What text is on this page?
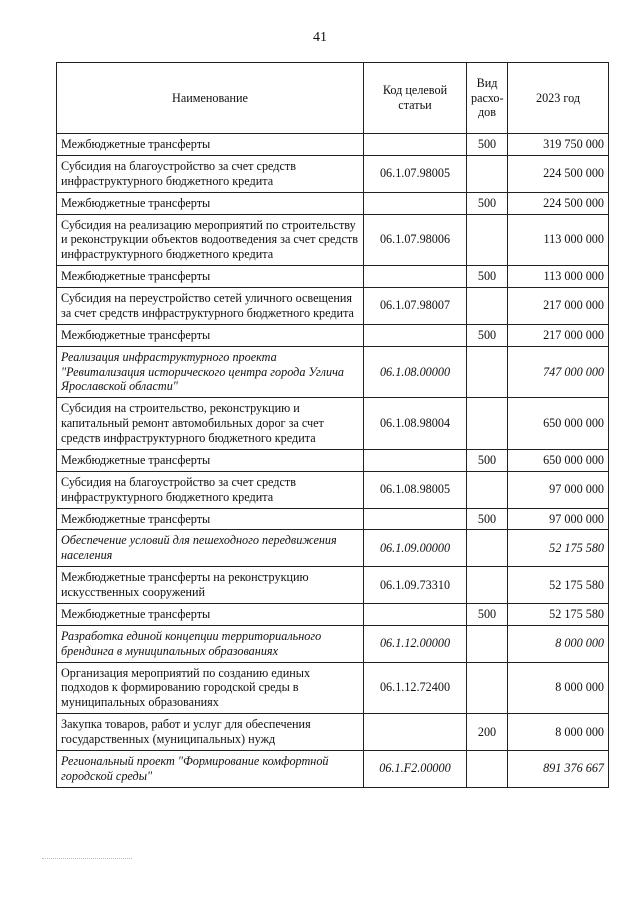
41
Наименование	Код целевой статьи	Вид расхо-дов	2023 год
Межбюджетные трансферты		500	319 750 000
Субсидия на благоустройство за счет средств инфраструктурного бюджетного кредита	06.1.07.98005		224 500 000
Межбюджетные трансферты		500	224 500 000
Субсидия на реализацию мероприятий по строительству и реконструкции объектов водоотведения за счет средств инфраструктурного бюджетного кредита	06.1.07.98006		113 000 000
Межбюджетные трансферты		500	113 000 000
Субсидия на переустройство сетей уличного освещения за счет средств инфраструктурного бюджетного кредита	06.1.07.98007		217 000 000
Межбюджетные трансферты		500	217 000 000
Реализация инфраструктурного проекта "Ревитализация исторического центра города Углича Ярославской области"	06.1.08.00000		747 000 000
Субсидия на строительство, реконструкцию и капитальный ремонт автомобильных дорог за счет средств инфраструктурного бюджетного кредита	06.1.08.98004		650 000 000
Межбюджетные трансферты		500	650 000 000
Субсидия на благоустройство за счет средств инфраструктурного бюджетного кредита	06.1.08.98005		97 000 000
Межбюджетные трансферты		500	97 000 000
Обеспечение условий для пешеходного передвижения населения	06.1.09.00000		52 175 580
Межбюджетные трансферты на реконструкцию искусственных сооружений	06.1.09.73310		52 175 580
Межбюджетные трансферты		500	52 175 580
Разработка единой концепции территориального брендинга в муниципальных образованиях	06.1.12.00000		8 000 000
Организация мероприятий по созданию единых подходов к формированию городской среды в муниципальных образованиях	06.1.12.72400		8 000 000
Закупка товаров, работ и услуг для обеспечения государственных (муниципальных) нужд		200	8 000 000
Региональный проект "Формирование комфортной городской среды"	06.1.F2.00000		891 376 667
